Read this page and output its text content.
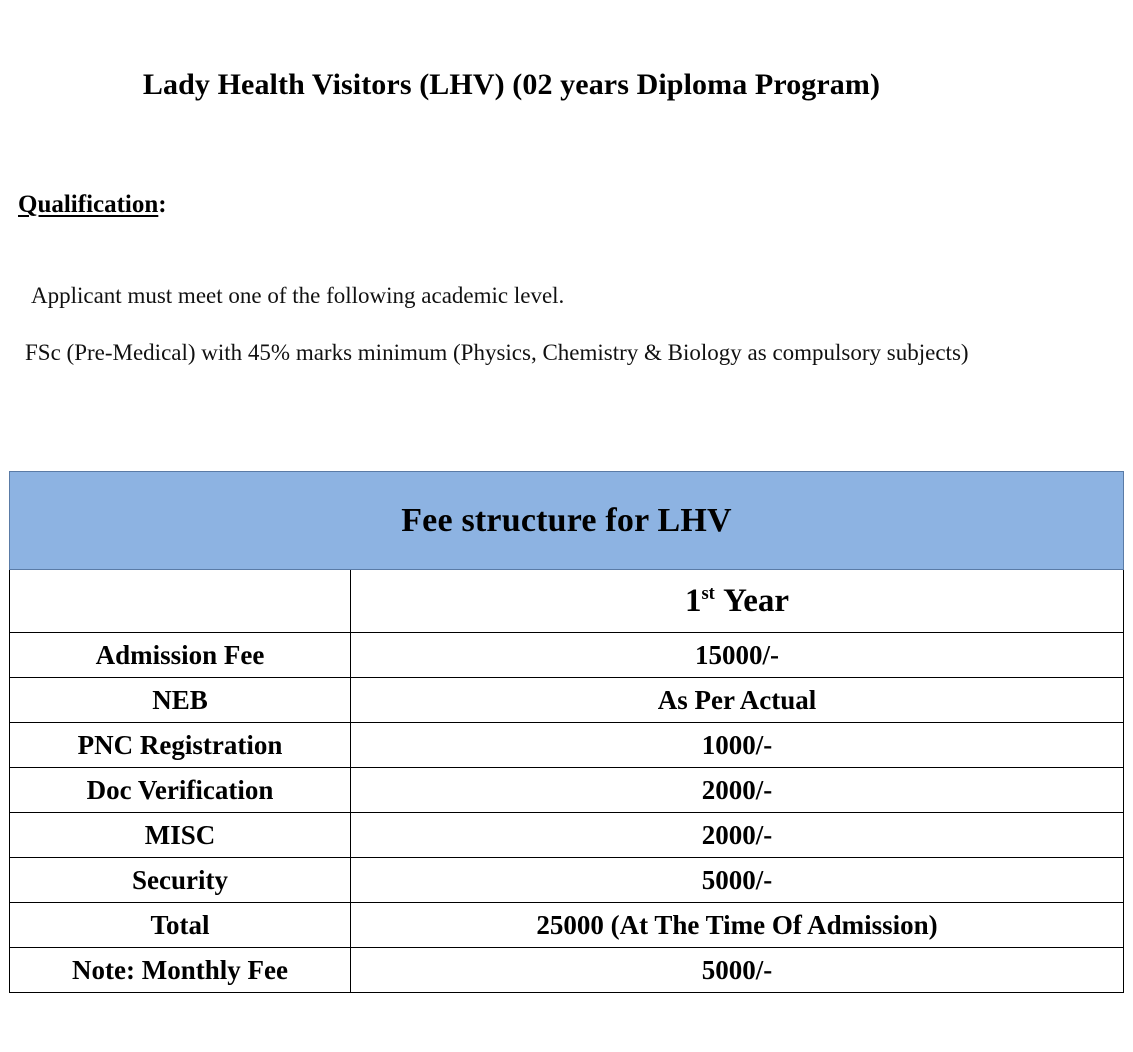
Lady Health Visitors (LHV) (02 years Diploma Program)
Qualification:

Applicant must meet one of the following academic level.

FSc (Pre-Medical) with 45% marks minimum (Physics, Chemistry & Biology as compulsory subjects)

Fee structure for LHV	
	1st Year
Admission Fee	15000/-
NEB	As Per Actual
PNC Registration	1000/-
Doc Verification	2000/-
MISC	2000/-
Security	5000/-
Total	25000 (At The Time Of Admission)
Note: Monthly Fee	5000/-
